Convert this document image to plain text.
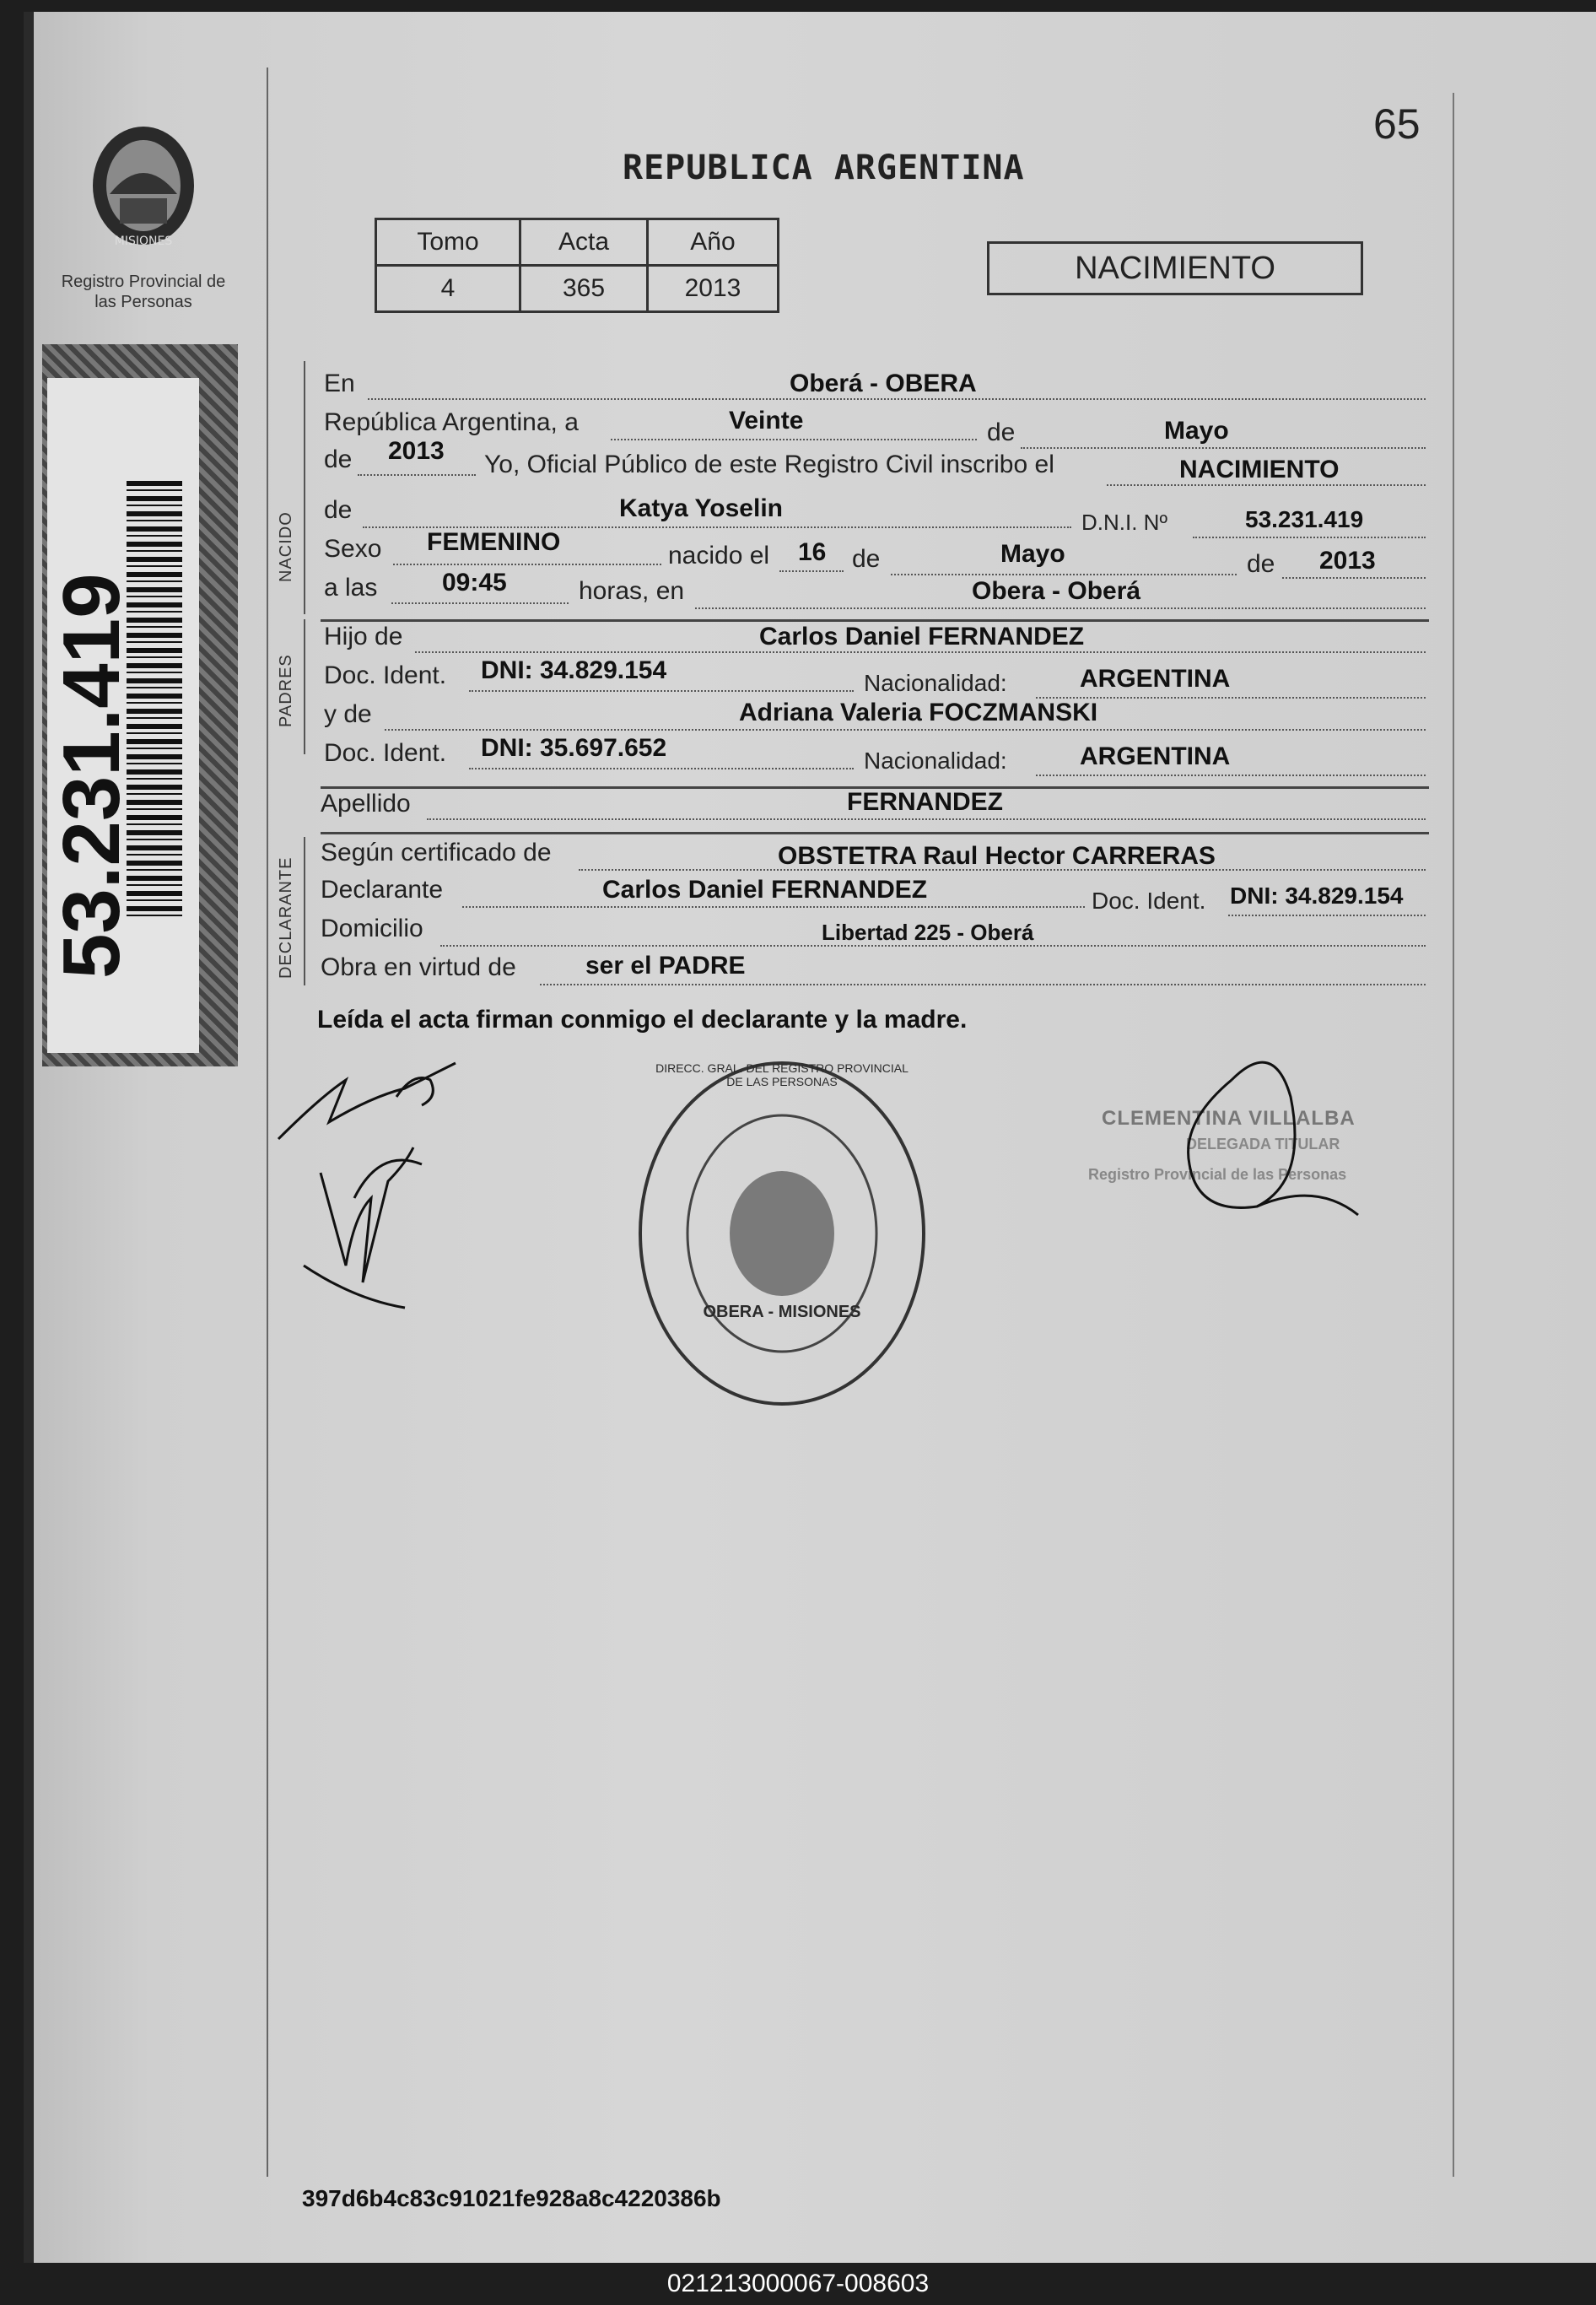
MISIONES
Registro Provincial de las Personas
53.231.419
65
REPUBLICA ARGENTINA
Tomo	Acta	Año
4	365	2013
NACIMIENTO
NACIDO
PADRES
DECLARANTE
En	Oberá - OBERA
República Argentina, a	Veinte	de	Mayo
de 2013 Yo, Oficial Público de este Registro Civil inscribo el	NACIMIENTO
de	Katya Yoselin	D.N.I. Nº	53.231.419
Sexo FEMENINO	nacido el 16 de	Mayo	de 2013
a las	09:45	horas, en	Obera - Oberá
Hijo de	Carlos Daniel FERNANDEZ
Doc. Ident. DNI: 34.829.154	Nacionalidad:	ARGENTINA
y de	Adriana Valeria FOCZMANSKI
Doc. Ident. DNI: 35.697.652	Nacionalidad:	ARGENTINA
Apellido	FERNANDEZ
Según certificado de	OBSTETRA Raul Hector CARRERAS
Declarante	Carlos Daniel FERNANDEZ	Doc. Ident. DNI: 34.829.154
Domicilio	Libertad 225 - Oberá
Obra en virtud de	ser el PADRE
Leída el acta firman conmigo el declarante y la madre.
DIRECC. GRAL. DEL REGISTRO PROVINCIAL DE LAS PERSONAS
OBERA - MISIONES
CLEMENTINA VILLALBA
DELEGADA TITULAR
Registro Provincial de las Personas
397d6b4c83c91021fe928a8c4220386b
021213000067-008603
